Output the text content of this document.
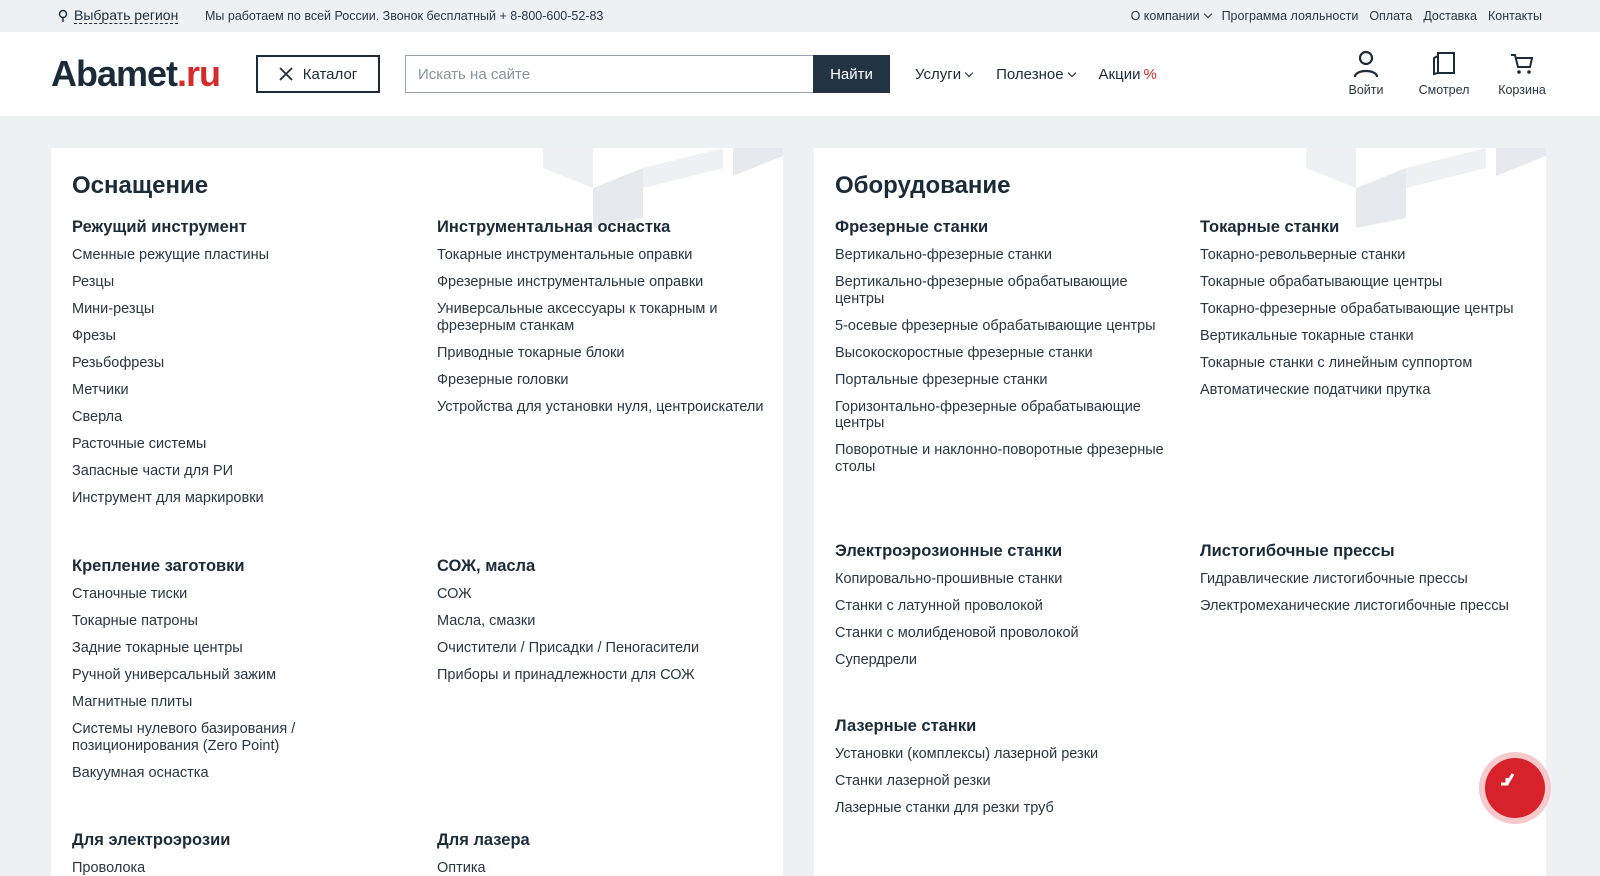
Выбрать регион Мы работаем по всей России. Звонок бесплатный + 8-800-600-52-83	О компании	Программа лояльности Оплата Доставка Контакты
Abamet.ru	Каталог
Искать на сайте	Найти	Услуги	Полезное	Акции %
Войти	Смотрел Корзина
Оснащение
Режущий инструмент
Сменные режущие пластины
Резцы
Мини-резцы
Фрезы
Резьбофрезы
Метчики
Сверла
Расточные системы
Запасные части для РИ
Инструмент для маркировки
Инструментальная оснастка
Токарные инструментальные оправки
Фрезерные инструментальные оправки
Универсальные аксессуары к токарным и фрезерным станкам
Приводные токарные блоки
Фрезерные головки
Устройства для установки нуля, центроискатели
Крепление заготовки
Станочные тиски
Токарные патроны
Задние токарные центры
Ручной универсальный зажим
Магнитные плиты
Системы нулевого базирования / позиционирования (Zero Point)
Вакуумная оснастка
СОЖ, масла
СОЖ
Масла, смазки
Очистители / Присадки / Пеногасители
Приборы и принадлежности для СОЖ
Для электроэрозии
Проволока
Для лазера
Оптика
Оборудование
Фрезерные станки
Вертикально-фрезерные станки
Вертикально-фрезерные обрабатывающие центры
5-осевые фрезерные обрабатывающие центры
Высокоскоростные фрезерные станки
Портальные фрезерные станки
Горизонтально-фрезерные обрабатывающие центры
Поворотные и наклонно-поворотные фрезерные столы
Токарные станки
Токарно-револьверные станки
Токарные обрабатывающие центры
Токарно-фрезерные обрабатывающие центры
Вертикальные токарные станки
Токарные станки с линейным суппортом
Автоматические податчики прутка
Электроэрозионные станки
Копировально-прошивные станки
Станки с латунной проволокой
Станки с молибденовой проволокой
Супердрели
Листогибочные прессы
Гидравлические листогибочные прессы
Электромеханические листогибочные прессы
Лазерные станки
Установки (комплексы) лазерной резки
Станки лазерной резки
Лазерные станки для резки труб
